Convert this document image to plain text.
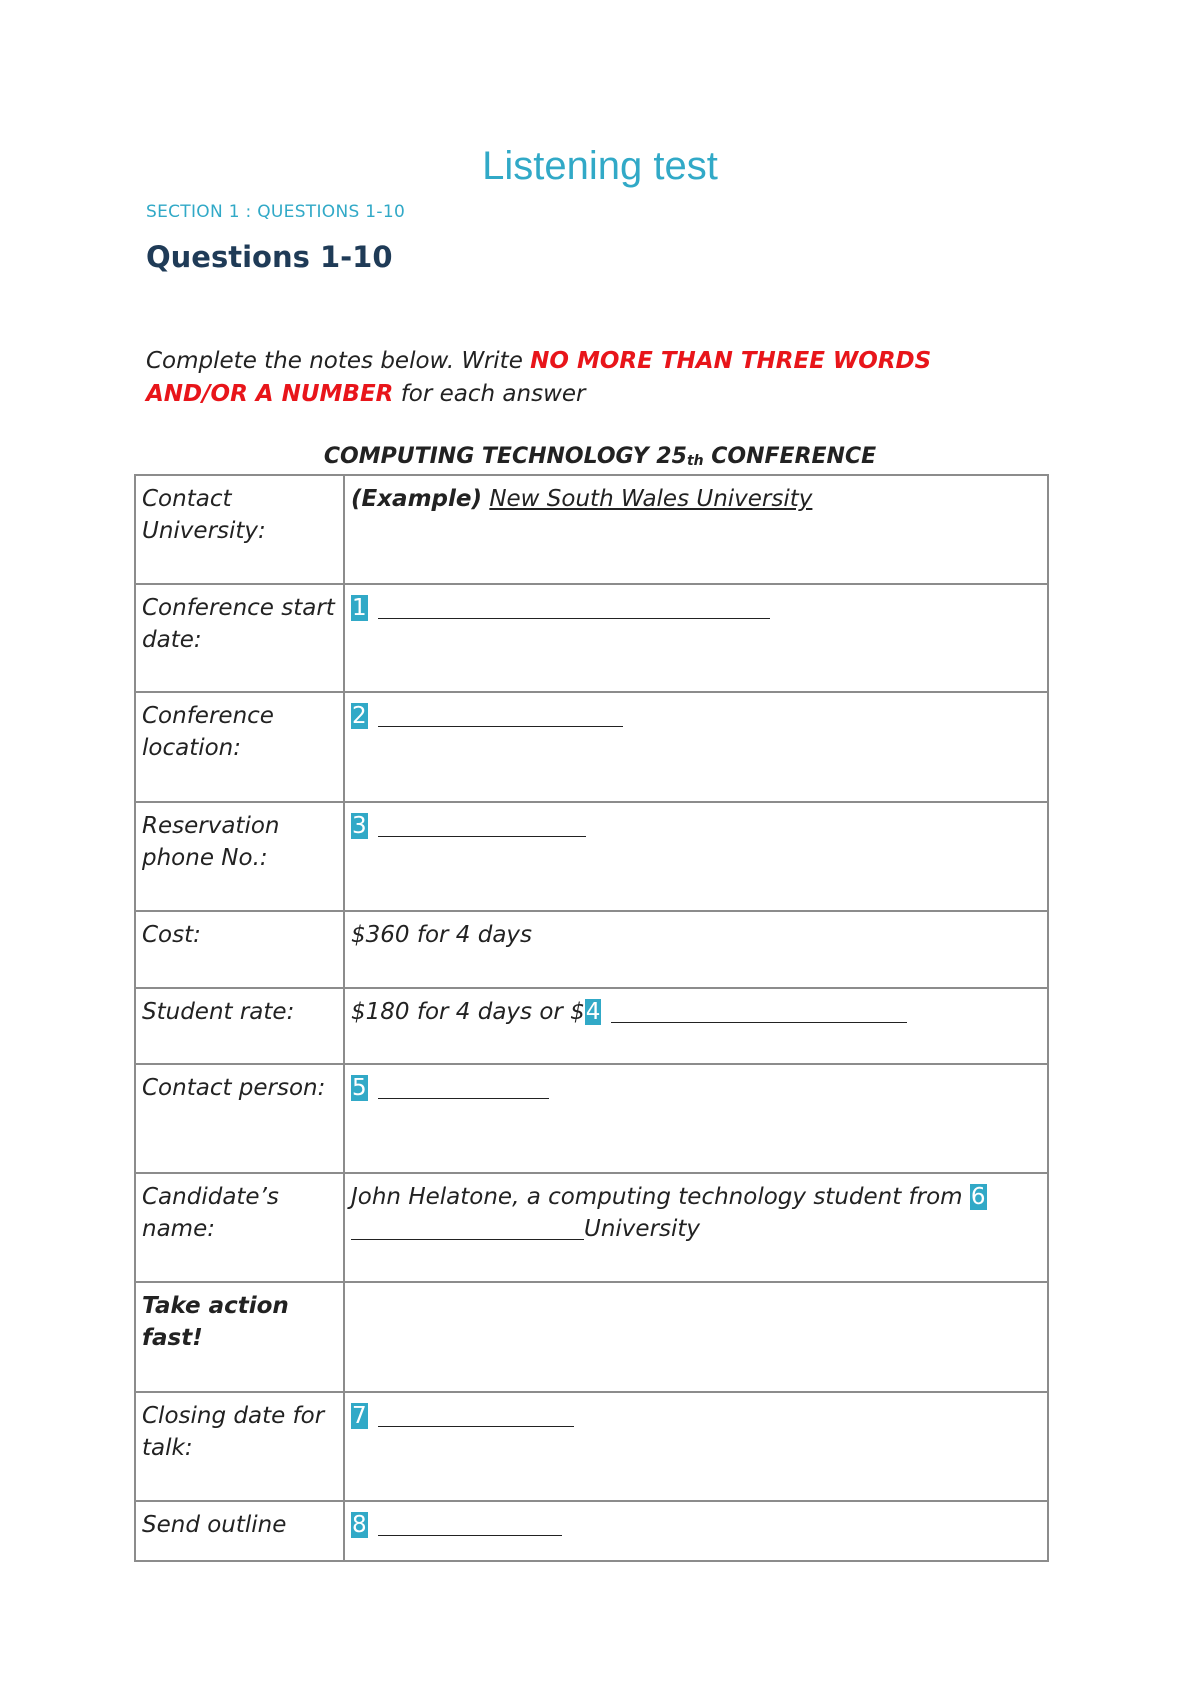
Listening test
SECTION 1 : QUESTIONS 1-10
Questions 1-10
Complete the notes below. Write NO MORE THAN THREE WORDS AND/OR A NUMBER for each answer
COMPUTING TECHNOLOGY $25_{th}$ CONFERENCE
Contact University:	(Example) New South Wales University
Conference start date:	1
Conference location:	2
Reservation phone No.:	3
Cost:	$360 for 4 days
Student rate:	$180 for 4 days or $4
Contact person:	5
Candidate’s name:	John Helatone, a computing technology student from 6
University
Take action fast!	
Closing date for talk:	7
Send outline	8
